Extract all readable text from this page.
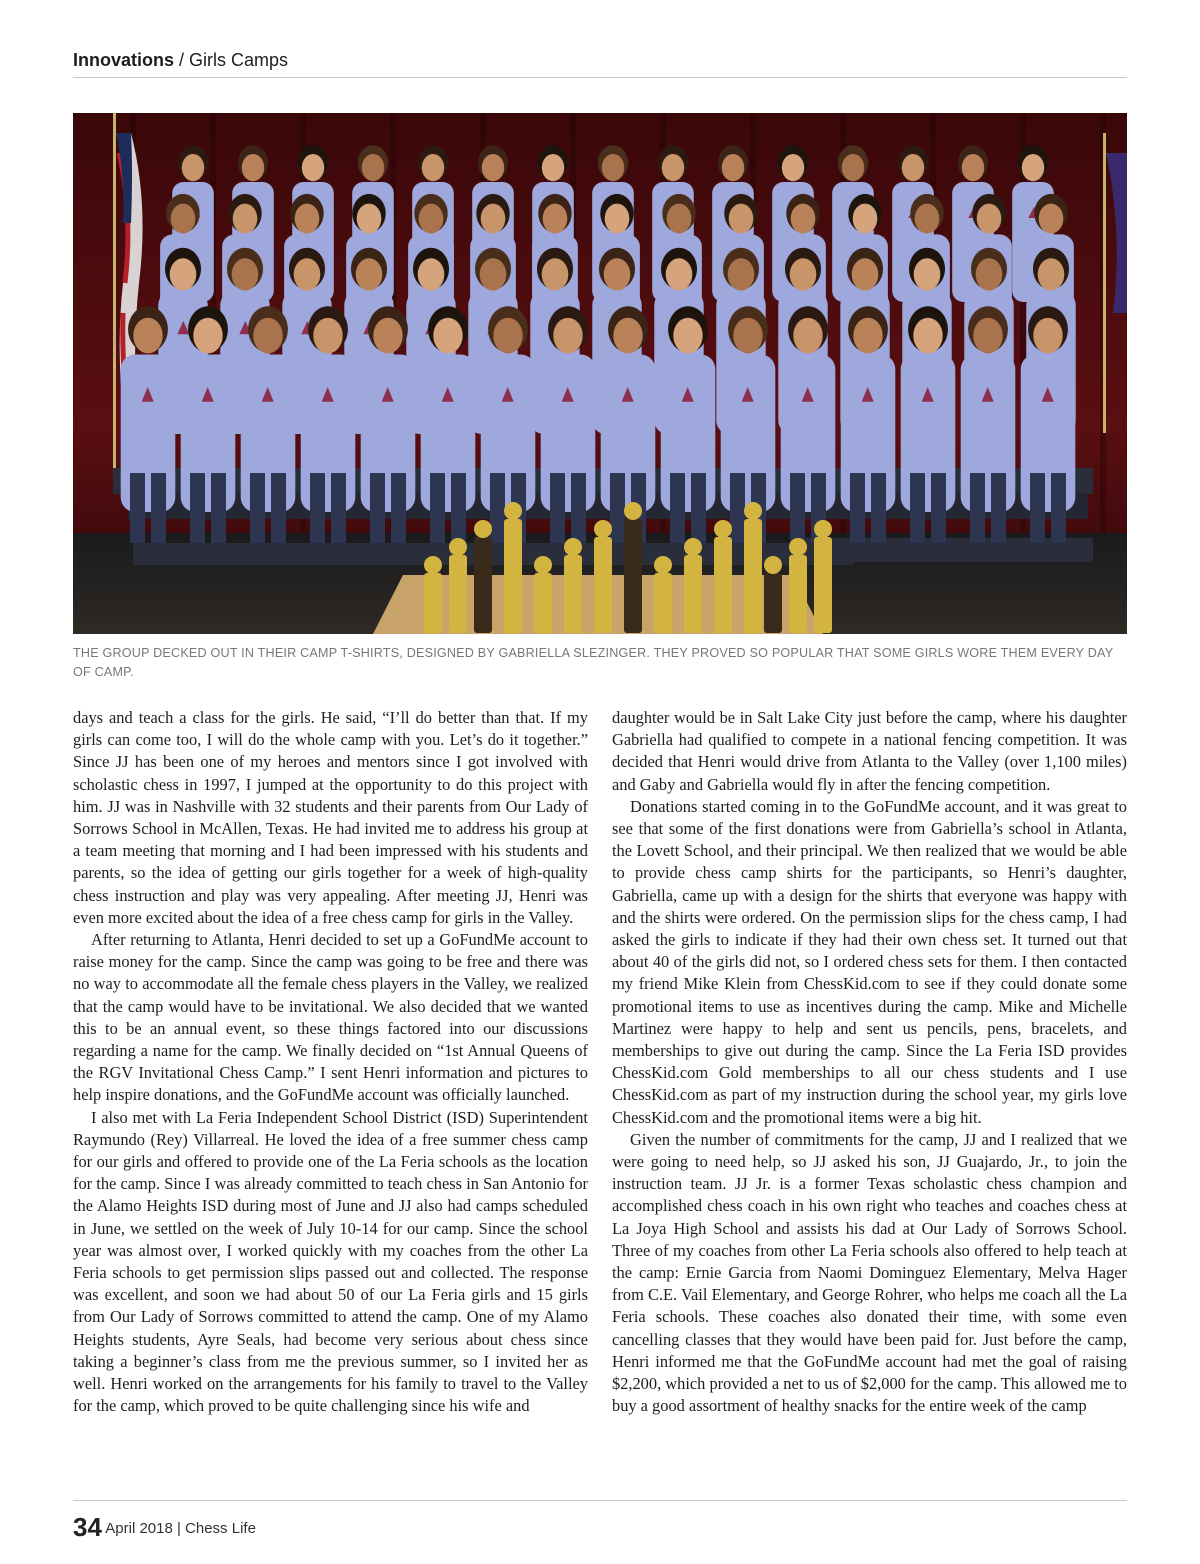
Innovations / Girls Camps
THE GROUP DECKED OUT IN THEIR CAMP T-SHIRTS, DESIGNED BY GABRIELLA SLEZINGER. THEY PROVED SO POPULAR THAT SOME GIRLS WORE THEM EVERY DAY OF CAMP.

days and teach a class for the girls. He said, “I’ll do better than that. If my girls can come too, I will do the whole camp with you. Let’s do it together.” Since JJ has been one of my heroes and mentors since I got involved with scholastic chess in 1997, I jumped at the opportunity to do this project with him. JJ was in Nashville with 32 students and their parents from Our Lady of Sorrows School in McAllen, Texas. He had invited me to address his group at a team meeting that morning and I had been impressed with his students and parents, so the idea of getting our girls together for a week of high-quality chess instruction and play was very appealing. After meeting JJ, Henri was even more excited about the idea of a free chess camp for girls in the Valley.

After returning to Atlanta, Henri decided to set up a GoFundMe account to raise money for the camp. Since the camp was going to be free and there was no way to accommodate all the female chess players in the Valley, we realized that the camp would have to be invitational. We also decided that we wanted this to be an annual event, so these things factored into our discussions regarding a name for the camp. We finally decided on “1st Annual Queens of the RGV Invitational Chess Camp.” I sent Henri information and pictures to help inspire donations, and the GoFundMe account was officially launched.

I also met with La Feria Independent School District (ISD) Superintendent Raymundo (Rey) Villarreal. He loved the idea of a free summer chess camp for our girls and offered to provide one of the La Feria schools as the location for the camp. Since I was already committed to teach chess in San Antonio for the Alamo Heights ISD during most of June and JJ also had camps scheduled in June, we settled on the week of July 10-14 for our camp. Since the school year was almost over, I worked quickly with my coaches from the other La Feria schools to get permission slips passed out and collected. The response was excellent, and soon we had about 50 of our La Feria girls and 15 girls from Our Lady of Sorrows committed to attend the camp. One of my Alamo Heights students, Ayre Seals, had become very serious about chess since taking a beginner’s class from me the previous summer, so I invited her as well. Henri worked on the arrangements for his family to travel to the Valley for the camp, which proved to be quite challenging since his wife and

daughter would be in Salt Lake City just before the camp, where his daughter Gabriella had qualified to compete in a national fencing competition. It was decided that Henri would drive from Atlanta to the Valley (over 1,100 miles) and Gaby and Gabriella would fly in after the fencing competition.

Donations started coming in to the GoFundMe account, and it was great to see that some of the first donations were from Gabriella’s school in Atlanta, the Lovett School, and their principal. We then realized that we would be able to provide chess camp shirts for the participants, so Henri’s daughter, Gabriella, came up with a design for the shirts that everyone was happy with and the shirts were ordered. On the permission slips for the chess camp, I had asked the girls to indicate if they had their own chess set. It turned out that about 40 of the girls did not, so I ordered chess sets for them. I then contacted my friend Mike Klein from ChessKid.com to see if they could donate some promotional items to use as incentives during the camp. Mike and Michelle Martinez were happy to help and sent us pencils, pens, bracelets, and memberships to give out during the camp. Since the La Feria ISD provides ChessKid.com Gold memberships to all our chess students and I use ChessKid.com as part of my instruction during the school year, my girls love ChessKid.com and the promotional items were a big hit.

Given the number of commitments for the camp, JJ and I realized that we were going to need help, so JJ asked his son, JJ Guajardo, Jr., to join the instruction team. JJ Jr. is a former Texas scholastic chess champion and accomplished chess coach in his own right who teaches and coaches chess at La Joya High School and assists his dad at Our Lady of Sorrows School. Three of my coaches from other La Feria schools also offered to help teach at the camp: Ernie Garcia from Naomi Dominguez Elementary, Melva Hager from C.E. Vail Elementary, and George Rohrer, who helps me coach all the La Feria schools. These coaches also donated their time, with some even cancelling classes that they would have been paid for. Just before the camp, Henri informed me that the GoFundMe account had met the goal of raising $2,200, which provided a net to us of $2,000 for the camp. This allowed me to buy a good assortment of healthy snacks for the entire week of the camp

34 April 2018 | Chess Life
